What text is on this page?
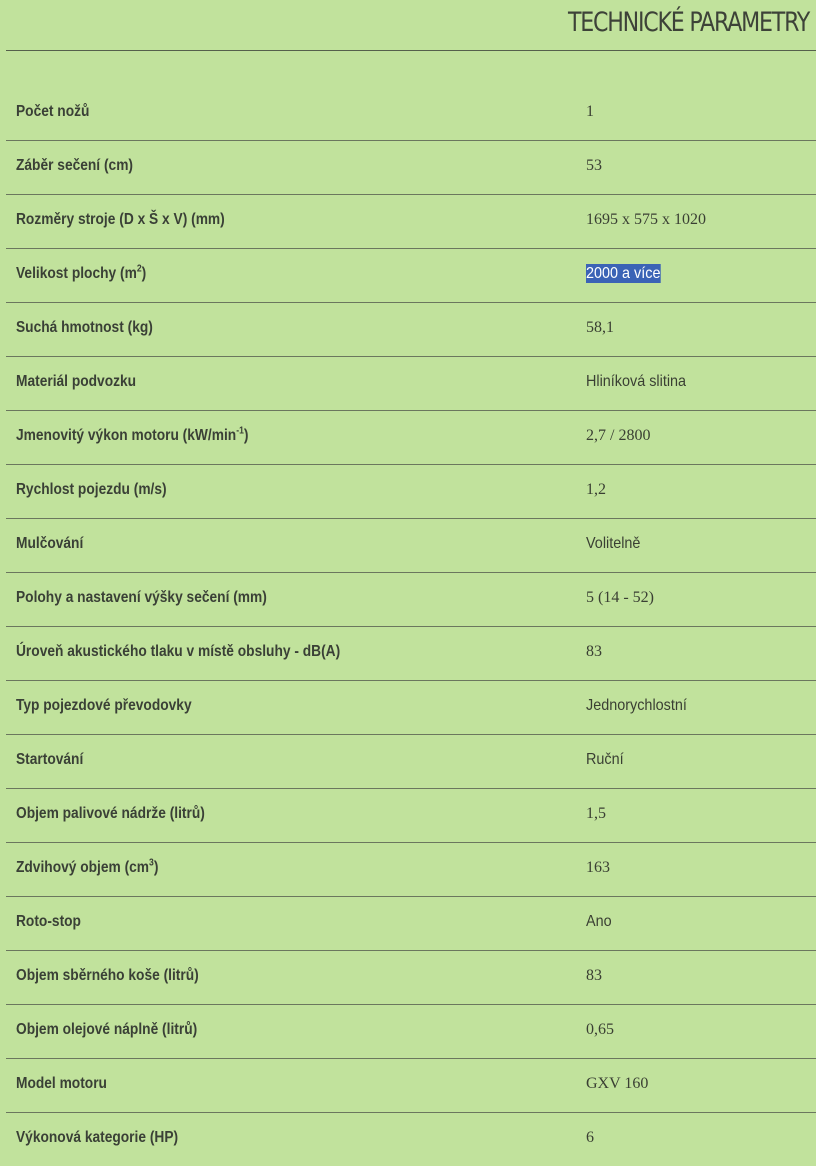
TECHNICKÉ PARAMETRY
Počet nožů	1
Záběr sečení (cm)	53
Rozměry stroje (D x Š x V) (mm)	1695 x 575 x 1020
Velikost plochy $(m^2)$	2000 a více
Suchá hmotnost (kg)	58,1
Materiál podvozku	Hliníková slitina
Jmenovitý výkon motoru $(kW/\min^{-1})$	2,7 / 2800
Rychlost pojezdu (m/s)	1,2
Mulčování	Volitelně
Polohy a nastavení výšky sečení (mm)	5 (14 - 52)
Úroveň akustického tlaku v místě obsluhy - dB(A)	83
Typ pojezdové převodovky	Jednorychlostní
Startování	Ruční
Objem palivové nádrže (litrů)	1,5
Zdvihový objem $(cm^3)$	163
Roto-stop	Ano
Objem sběrného koše (litrů)	83
Objem olejové náplně (litrů)	0,65
Model motoru	GXV 160
Výkonová kategorie (HP)	6
